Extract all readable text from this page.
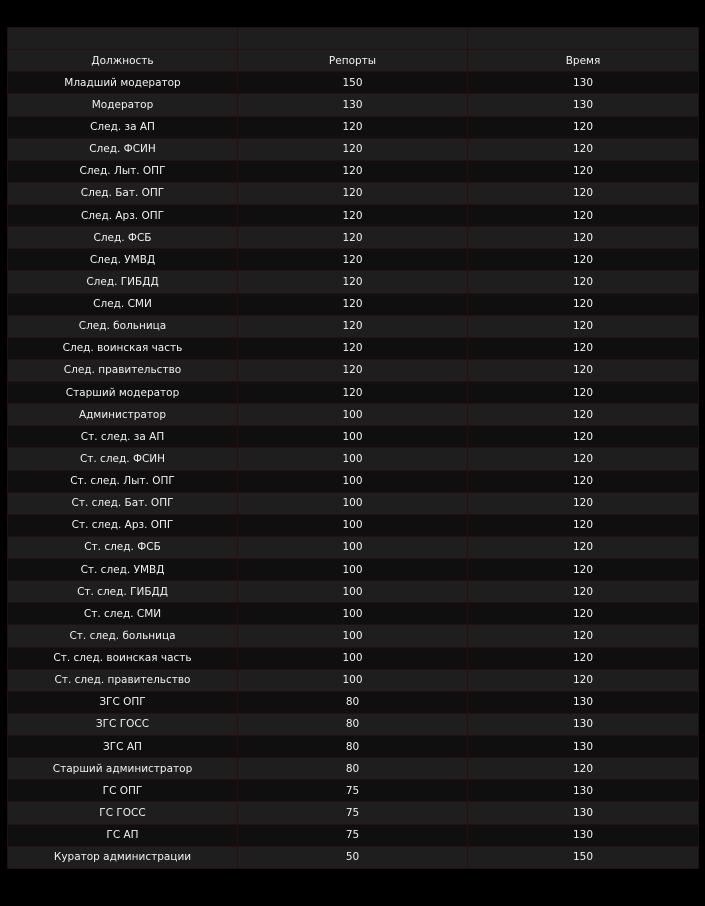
Должность	Репорты	Время
Младший модератор	150	130
Модератор	130	130
След. за АП	120	120
След. ФСИН	120	120
След. Лыт. ОПГ	120	120
След. Бат. ОПГ	120	120
След. Арз. ОПГ	120	120
След. ФСБ	120	120
След. УМВД	120	120
След. ГИБДД	120	120
След. СМИ	120	120
След. больница	120	120
След. воинская часть	120	120
След. правительство	120	120
Старший модератор	120	120
Администратор	100	120
Ст. след. за АП	100	120
Ст. след. ФСИН	100	120
Ст. след. Лыт. ОПГ	100	120
Ст. след. Бат. ОПГ	100	120
Ст. след. Арз. ОПГ	100	120
Ст. след. ФСБ	100	120
Ст. след. УМВД	100	120
Ст. след. ГИБДД	100	120
Ст. след. СМИ	100	120
Ст. след. больница	100	120
Ст. след. воинская часть	100	120
Ст. след. правительство	100	120
ЗГС ОПГ	80	130
ЗГС ГОСС	80	130
ЗГС АП	80	130
Старший администратор	80	120
ГС ОПГ	75	130
ГС ГОСС	75	130
ГС АП	75	130
Куратор администрации	50	150
